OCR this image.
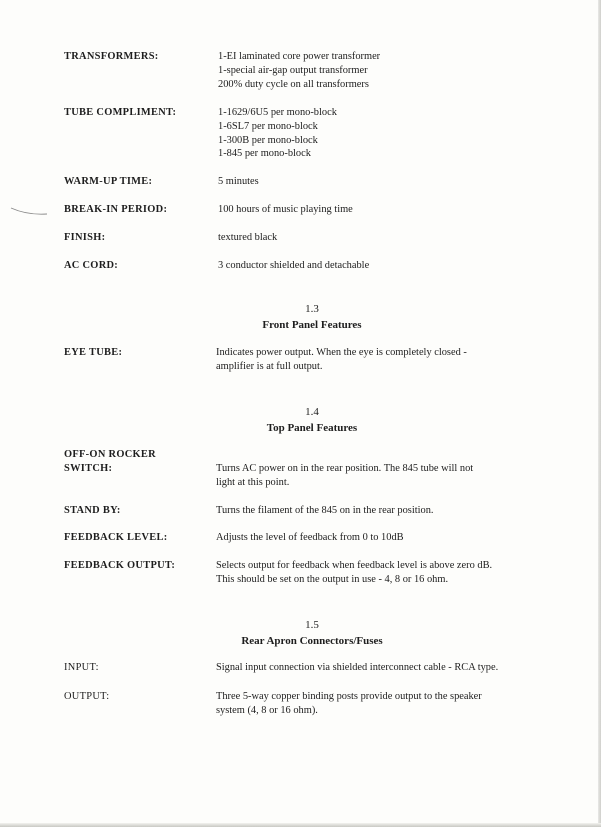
TRANSFORMERS:	1-EI laminated core power transformer
1-special air-gap output transformer
200% duty cycle on all transformers
TUBE COMPLIMENT:	1-1629/6U5 per mono-block
1-6SL7 per mono-block
1-300B per mono-block
1-845 per mono-block
WARM-UP TIME:	5 minutes
BREAK-IN PERIOD:	100 hours of music playing time
FINISH:	textured black
AC CORD:	3 conductor shielded and detachable
1.3
Front Panel Features
EYE TUBE:	Indicates power output. When the eye is completely closed -
amplifier is at full output.
1.4
Top Panel Features
OFF-ON ROCKER
SWITCH:	Turns AC power on in the rear position. The 845 tube will not
light at this point.
STAND BY:	Turns the filament of the 845 on in the rear position.
FEEDBACK LEVEL:	Adjusts the level of feedback from 0 to 10dB
FEEDBACK OUTPUT:	Selects output for feedback when feedback level is above zero dB.
This should be set on the output in use - 4, 8 or 16 ohm.
1.5
Rear Apron Connectors/Fuses
INPUT:	Signal input connection via shielded interconnect cable - RCA type.
OUTPUT:	Three 5-way copper binding posts provide output to the speaker
system (4, 8 or 16 ohm).
